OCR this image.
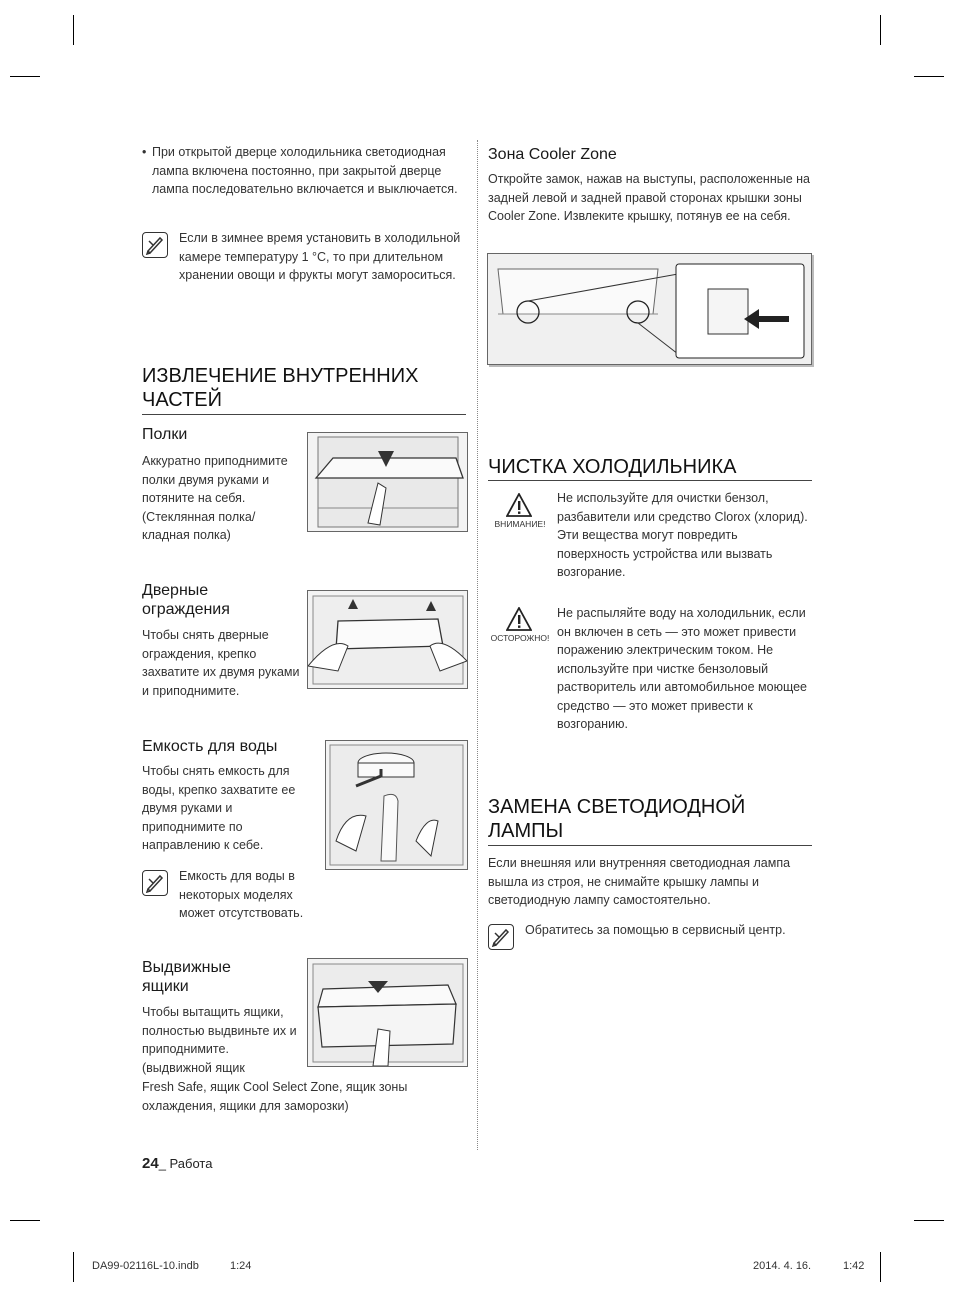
• При открытой дверце холодильника светодиодная лампа включена постоянно, при закрытой дверце лампа последовательно включается и выключается.
Если в зимнее время установить в холодильной камере температуру 1 °C, то при длительном хранении овощи и фрукты могут замороситься.
ИЗВЛЕЧЕНИЕ ВНУТРЕННИХ ЧАСТЕЙ
Полки
Аккуратно приподнимите полки двумя руками и потяните на себя. (Стеклянная полка/ кладная полка)
Дверные ограждения
Чтобы снять дверные ограждения, крепко захватите их двумя руками и приподнимите.
Емкость для воды
Чтобы снять емкость для воды, крепко захватите ее двумя руками и приподнимите по направлению к себе.
Емкость для воды в некоторых моделях может отсутствовать.
Выдвижные ящики
Чтобы вытащить ящики, полностью выдвиньте их и приподнимите. (выдвижной ящик
Fresh Safe, ящик Cool Select Zone, ящик зоны охлаждения, ящики для заморозки)
24_ Работа
Зона Cooler Zone
Откройте замок, нажав на выступы, расположенные на задней левой и задней правой сторонах крышки зоны Cooler Zone. Извлеките крышку, потянув ее на себя.
ЧИСТКА ХОЛОДИЛЬНИКА
ВНИМАНИЕ!
Не используйте для очистки бензол, разбавители или средство Clorox (хлорид). Эти вещества могут повредить поверхность устройства или вызвать возгорание.
ОСТОРОЖНО!
Не распыляйте воду на холодильник, если он включен в сеть — это может привести поражению электрическим током. Не используйте при чистке бензоловый растворитель или автомобильное моющее средство — это может привести к возгоранию.
ЗАМЕНА СВЕТОДИОДНОЙ ЛАМПЫ
Если внешняя или внутренняя светодиодная лампа вышла из строя, не снимайте крышку лампы и светодиодную лампу самостоятельно.
Обратитесь за помощью в сервисный центр.
DA99-02116L-10.indb	1:24	2014. 4. 16.	1:42
